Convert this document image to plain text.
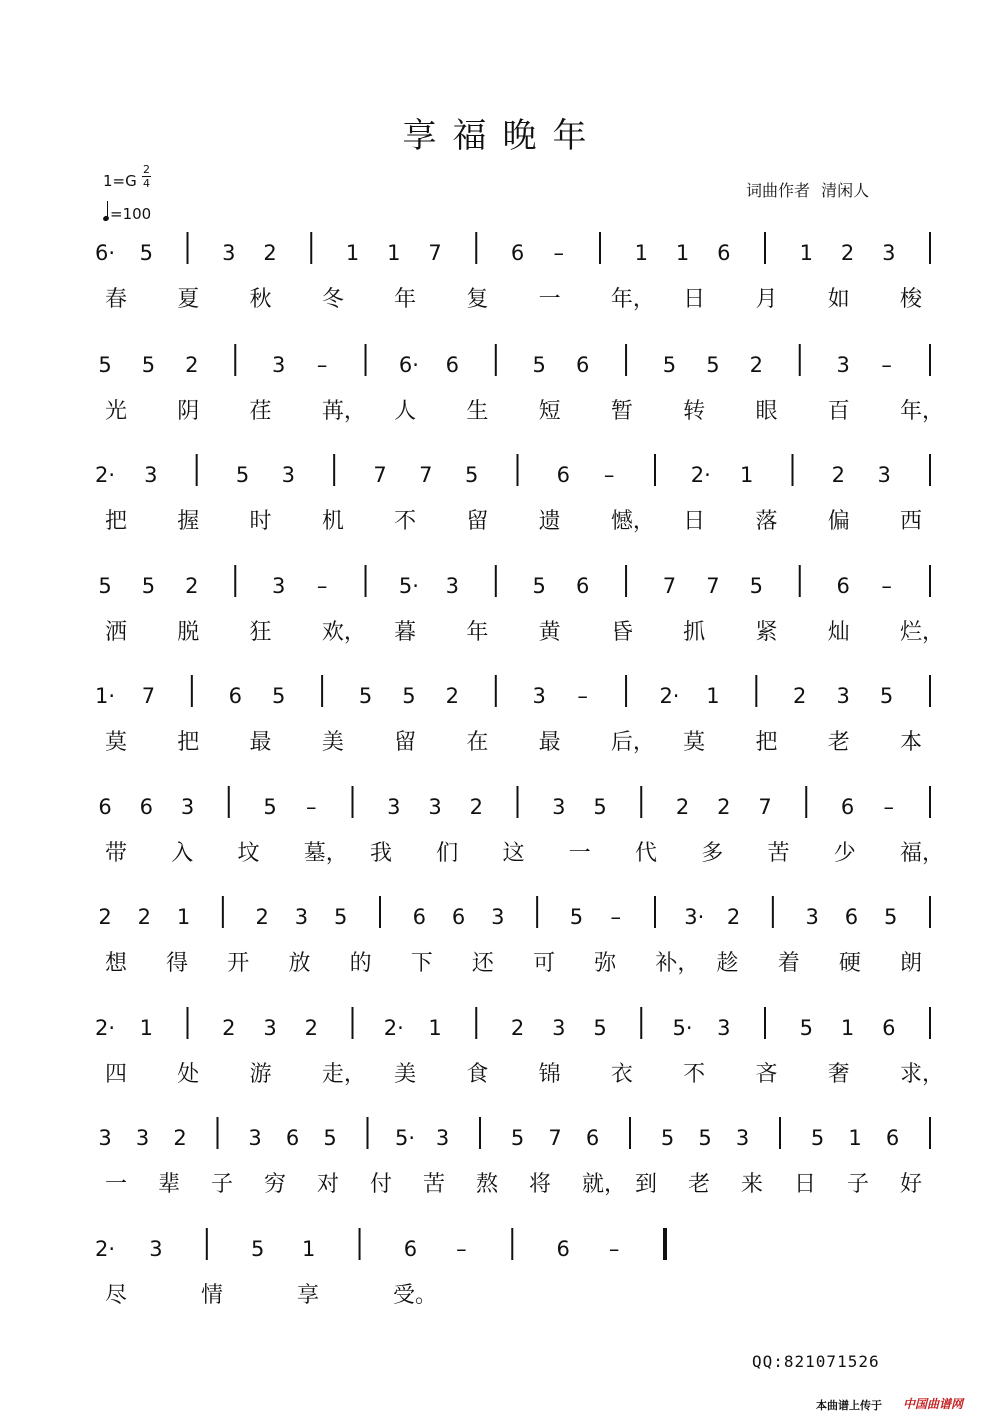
享福晚年
1=G
2
4
=100
词曲作者 清闲人
6· 5	3 2	1 1 7	6 –	1 1 6	1 2 3
春 夏 秋 冬 年 复 一 年， 日 月 如 梭
5 5 2	3 –	6· 6	5 6	5 5 2	3 –
光 阴 荏 苒， 人 生 短 暂 转 眼 百 年，
2· 3	5 3	7 7 5	6 –	2· 1	2 3
把 握 时 机 不 留 遗 憾， 日 落 偏 西
5 5 2	3 –	5· 3	5 6	7 7 5	6 –
洒 脱 狂 欢， 暮 年 黄 昏 抓 紧 灿 烂，
1· 7	6 5	5 5 2	3 –	2· 1	2 3 5
莫 把 最 美 留 在 最 后， 莫 把 老 本
6 6 3	5 –	3 3 2	3 5	2 2 7	6 –
带 入 坟 墓， 我 们 这 一 代 多 苦 少 福，
2 2 1	2 3 5	6 6 3	5 –	3· 2	3 6 5
想 得 开 放 的 下 还 可 弥 补， 趁 着 硬 朗
2· 1	2 3 2	2· 1	2 3 5	5· 3	5 1 6
四 处 游 走， 美 食 锦 衣 不 吝 奢 求，
3 3 2	3 6 5	5· 3	5 7 6	5 5 3	5 1 6
一 辈 子 穷 对 付 苦 熬 将 就， 到 老 来 日 子 好
2· 3	5 1	6 –	6 –
尽	情	享	受。
QQ:821071526
本曲谱上传于 中国曲谱网
